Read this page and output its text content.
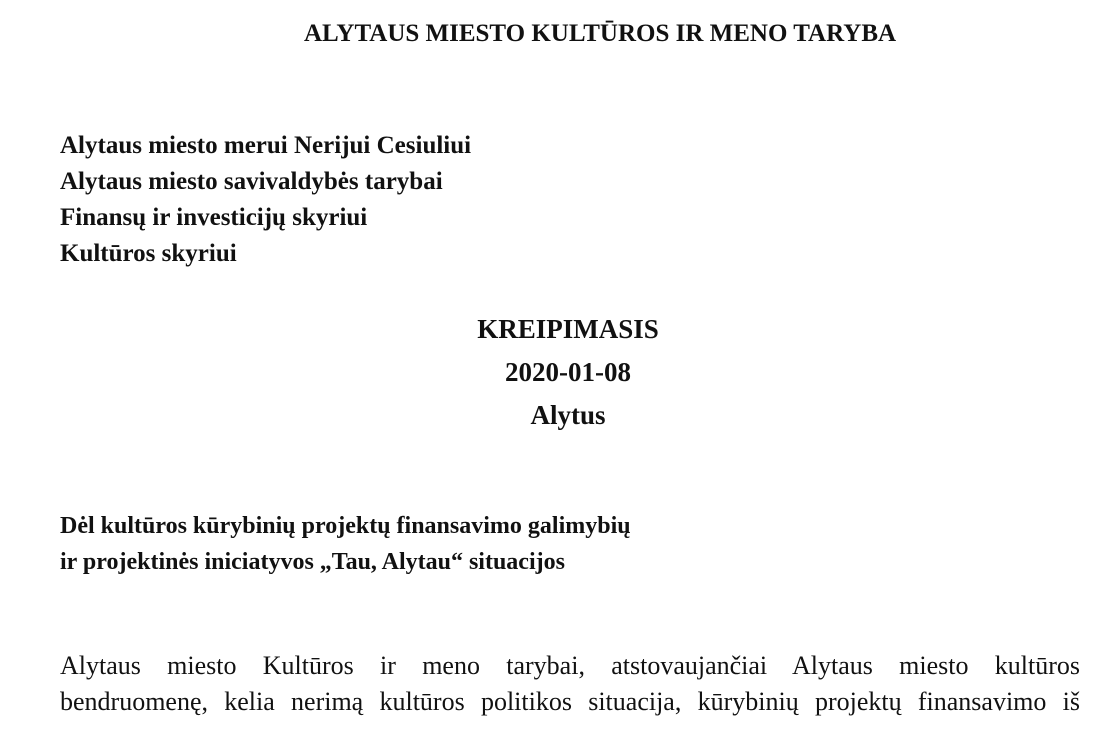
ALYTAUS MIESTO KULTŪROS IR MENO TARYBA
Alytaus miesto merui Nerijui Cesiuliui
Alytaus miesto savivaldybės tarybai
Finansų ir investicijų skyriui
Kultūros skyriui
KREIPIMASIS
2020-01-08
Alytus
Dėl kultūros kūrybinių projektų finansavimo galimybių
ir projektinės iniciatyvos „Tau, Alytau“ situacijos

Alytaus miesto Kultūros ir meno tarybai, atstovaujančiai Alytaus miesto kultūros

bendruomenę, kelia nerimą kultūros politikos situacija, kūrybinių projektų finansavimo iš
